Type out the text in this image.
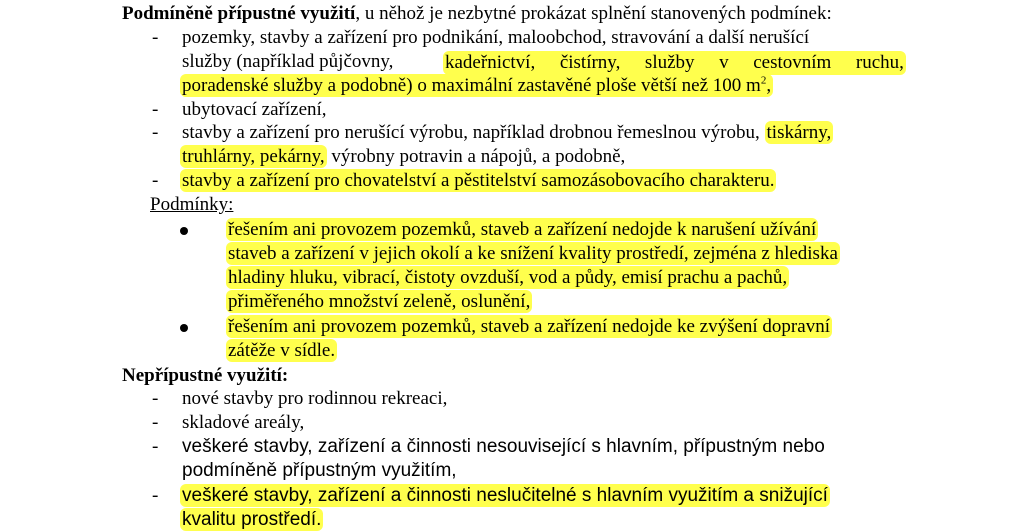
Podmíněně přípustné využití, u něhož je nezbytné prokázat splnění stanovených podmínek:
- pozemky, stavby a zařízení pro podnikání, maloobchod, stravování a další nerušící
služby (například půjčovny,	kadeřnictví, čistírny, služby v cestovním ruchu,
poradenské služby a podobně) o maximální zastavěné ploše větší než 100 $m^2$,
- ubytovací zařízení,
- stavby a zařízení pro nerušící výrobu, například drobnou řemeslnou výrobu, tiskárny,
truhlárny, pekárny, výrobny potravin a nápojů, a podobně,
- stavby a zařízení pro chovatelství a pěstitelství samozásobovacího charakteru.
Podmínky:
řešením ani provozem pozemků, staveb a zařízení nedojde k narušení užívání
staveb a zařízení v jejich okolí a ke snížení kvality prostředí, zejména z hlediska
hladiny hluku, vibrací, čistoty ovzduší, vod a půdy, emisí prachu a pachů,
přiměřeného množství zeleně, oslunění,
řešením ani provozem pozemků, staveb a zařízení nedojde ke zvýšení dopravní
zátěže v sídle.
Nepřípustné využití:
- nové stavby pro rodinnou rekreaci,
- skladové areály,
- veškeré stavby, zařízení a činnosti nesouvisející s hlavním, přípustným nebo
podmíněně přípustným využitím,
- veškeré stavby, zařízení a činnosti neslučitelné s hlavním využitím a snižující
kvalitu prostředí.
